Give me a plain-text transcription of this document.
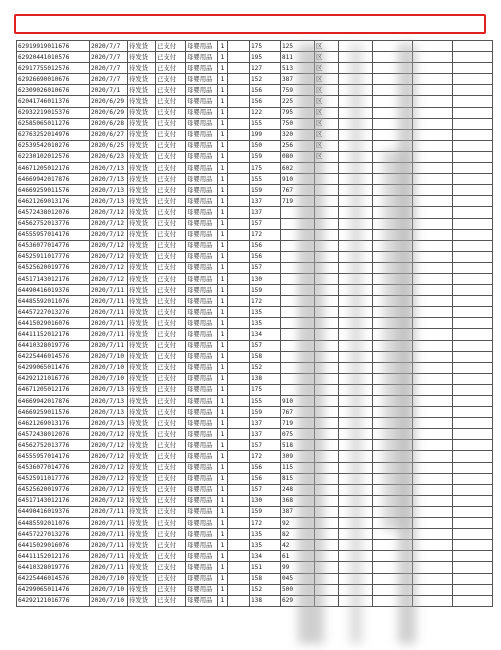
62919919011676	2020/7/7	待发货	已支付	母婴用品	1		175	125					
62920441010576	2020/7/7	待发货	已支付	母婴用品	1		195	811					
62917755012576	2020/7/7	待发货	已支付	母婴用品	1		127	513					
62926690010676	2020/7/7	待发货	已支付	母婴用品	1		152	387					
62309026010676	2020/7/1	待发货	已支付	母婴用品	1		156	759					
62041746011376	2020/6/29	待发货	已支付	母婴用品	1		156	225					
62932219015376	2020/6/29	待发货	已支付	母婴用品	1		122	795					
62585065011276	2020/6/28	待发货	已支付	母婴用品	1		155	750					
62763252014976	2020/6/27	待发货	已支付	母婴用品	1		199	320					
62539542010276	2020/6/25	待发货	已支付	母婴用品	1		150	256					
62230102012576	2020/6/23	待发货	已支付	母婴用品	1		159	080					
64671205012176	2020/7/13	待发货	已支付	母婴用品	1		175	602					
64669942017876	2020/7/13	待发货	已支付	母婴用品	1		155	910					
64669259011576	2020/7/13	待发货	已支付	母婴用品	1		159	767					
64621269013176	2020/7/13	待发货	已支付	母婴用品	1		137	719					
64572438012076	2020/7/12	待发货	已支付	母婴用品	1		137						
64562752013776	2020/7/12	待发货	已支付	母婴用品	1		157						
64555957014176	2020/7/12	待发货	已支付	母婴用品	1		172						
64536077014776	2020/7/12	待发货	已支付	母婴用品	1		156						
64525911017776	2020/7/12	待发货	已支付	母婴用品	1		156						
64525620019776	2020/7/12	待发货	已支付	母婴用品	1		157						
64517143012176	2020/7/12	待发货	已支付	母婴用品	1		130						
64490416019376	2020/7/11	待发货	已支付	母婴用品	1		159						
64485592011076	2020/7/11	待发货	已支付	母婴用品	1		172						
64457227013276	2020/7/11	待发货	已支付	母婴用品	1		135						
64415029016076	2020/7/11	待发货	已支付	母婴用品	1		135						
64411152012176	2020/7/11	待发货	已支付	母婴用品	1		134						
64410328019776	2020/7/11	待发货	已支付	母婴用品	1		157						
64225446014576	2020/7/10	待发货	已支付	母婴用品	1		158						
64299065011476	2020/7/10	待发货	已支付	母婴用品	1		152						
64292121016776	2020/7/10	待发货	已支付	母婴用品	1		138						
64671205012176	2020/7/13	待发货	已支付	母婴用品	1		175						
64669942017876	2020/7/13	待发货	已支付	母婴用品	1		155	910					
64669259011576	2020/7/13	待发货	已支付	母婴用品	1		159	767					
64621269013176	2020/7/13	待发货	已支付	母婴用品	1		137	719					
64572438012076	2020/7/12	待发货	已支付	母婴用品	1		137	075					
64562752013776	2020/7/12	待发货	已支付	母婴用品	1		157	518					
64555957014176	2020/7/12	待发货	已支付	母婴用品	1		172	309					
64536077014776	2020/7/12	待发货	已支付	母婴用品	1		156	115					
64525911017776	2020/7/12	待发货	已支付	母婴用品	1		156	815					
64525620019776	2020/7/12	待发货	已支付	母婴用品	1		157	248					
64517143012176	2020/7/12	待发货	已支付	母婴用品	1		130	368					
64490416019376	2020/7/11	待发货	已支付	母婴用品	1		159	387					
64485592011076	2020/7/11	待发货	已支付	母婴用品	1		172	92					
64457227013276	2020/7/11	待发货	已支付	母婴用品	1		135	82					
64415029016076	2020/7/11	待发货	已支付	母婴用品	1		135	42					
64411152012176	2020/7/11	待发货	已支付	母婴用品	1		134	61					
64410328019776	2020/7/11	待发货	已支付	母婴用品	1		151	99					
64225446014576	2020/7/10	待发货	已支付	母婴用品	1		158	045					
64299065011476	2020/7/10	待发货	已支付	母婴用品	1		152	500					
64292121016776	2020/7/10	待发货	已支付	母婴用品	1		138	629					
